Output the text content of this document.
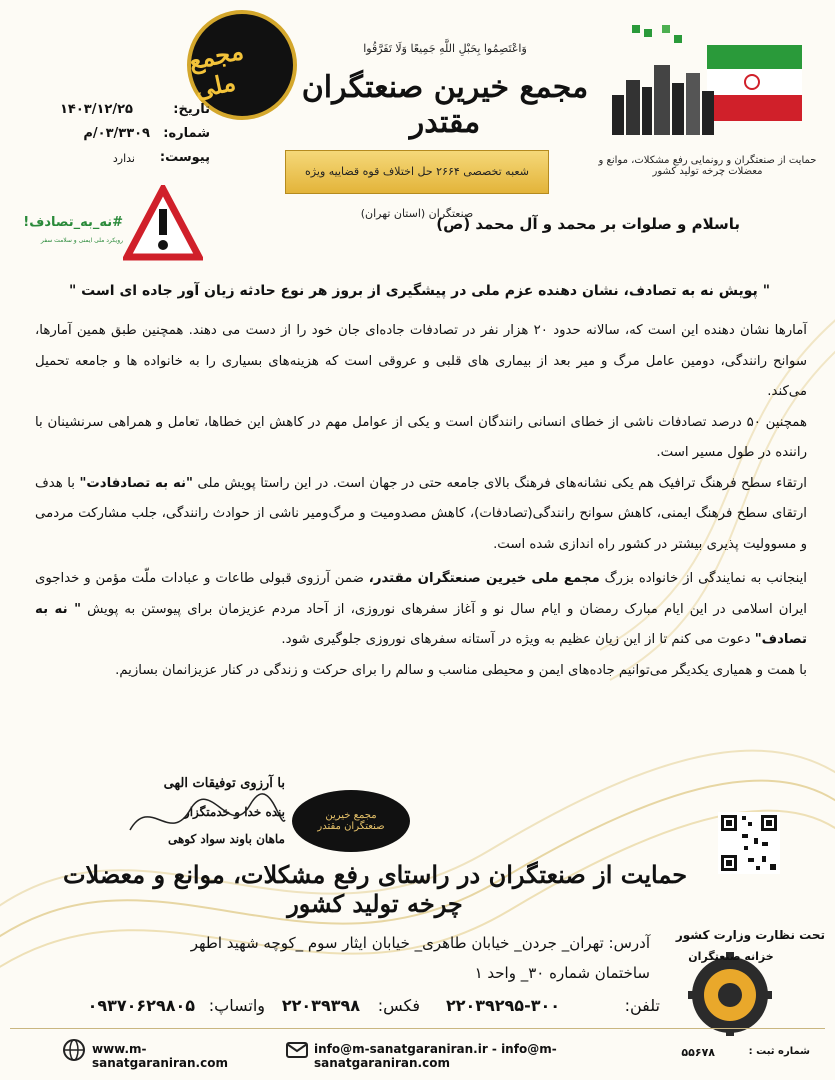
مجمع ملی
وَاعْتَصِمُوا بِحَبْلِ اللَّهِ جَمِيعًا وَلَا تَفَرَّقُوا
مجمع خیرین صنعتگران مقتدر
شعبه تخصصی ۲۶۶۴ حل اختلاف قوه قضاییه ویژه صنعتگران (استان تهران)
حمایت از صنعتگران و رونمایی رفع مشکلات، موانع و معضلات چرخه تولید کشور
تاریخ:
۱۴۰۳/۱۲/۲۵
شماره:
۰۳/۳۳۰۹/م
پیوست:
ندارد
#نه_به_تصادف!
رویکرد ملی ایمنی و سلامت سفر
باسلام و صلوات بر محمد و آل محمد (ص)
" پویش نه به تصادف، نشان دهنده عزم ملی در پیشگیری از بروز هر نوع حادثه زیان آور جاده ای است "

آمارها نشان دهنده این است که، سالانه حدود ۲۰ هزار نفر در تصادفات جاده‌ای جان خود را از دست می دهند. همچنین طبق همین آمارها، سوانح رانندگی، دومین عامل مرگ و میر بعد از بیماری های قلبی و عروقی است که هزینه‌های بسیاری را به خانواده ها و جامعه تحمیل می‌کند.

همچنین ۵۰ درصد تصادفات ناشی از خطای انسانی رانندگان است و یکی از عوامل مهم در کاهش این خطاها، تعامل و همراهی سرنشینان با راننده در طول مسیر است.

ارتقاء سطح فرهنگ ترافیک هم یکی نشانه‌های فرهنگ بالای جامعه حتی در جهان است. در این راستا پویش ملی "نه به تصادفادت" با هدف ارتقای سطح فرهنگ ایمنی، کاهش سوانح رانندگی(تصادفات)، کاهش مصدومیت و مرگ‌ومیر ناشی از حوادث رانندگی، جلب مشارکت مردمی و مسوولیت پذیری بیشتر در کشور راه اندازی شده است.

اینجانب به نمایندگی از خانواده بزرگ مجمع ملی خیرین صنعتگران مقتدر، ضمن آرزوی قبولی طاعات و عبادات ملّت مؤمن و خداجوی ایران اسلامی در این ایام مبارک رمضان و ایام سال نو و آغاز سفرهای نوروزی، از آحاد مردم عزیزمان برای پیوستن به پویش " نه به تصادف" دعوت می کنم تا از این زیان عظیم به ویژه در آستانه سفرهای نوروزی جلوگیری شود.

با همت و همیاری یکدیگر می‌توانیم جاده‌های ایمن و محیطی مناسب و سالم را برای حرکت و زندگی در کنار عزیزانمان بسازیم.

با آرزوی توفیقات الهی
بنده خدا و خدمتگزار
ماهان باوند سواد کوهی
مجمع خیرین
صنعتگران مقتدر
حمایت از صنعتگران در راستای رفع مشکلات، موانع و معضلات چرخه تولید کشور
آدرس: تهران_ جردن_ خیابان طاهری_ خیابان ایثار سوم _کوچه شهید اطهر
ساختمان شماره ۳۰_ واحد ۱
تحت نظارت وزارت کشور
خزانه صنعتگران
تلفن:
۲۲۰۳۹۲۹۵-۳۰۰
فکس:
۲۲۰۳۹۳۹۸
واتساپ:
۰۹۳۷۰۶۲۹۸۰۵
www.m-sanatgaraniran.com
info@m-sanatgaraniran.ir - info@m-sanatgaraniran.com
شماره ثبت :
۵۵۶۷۸
